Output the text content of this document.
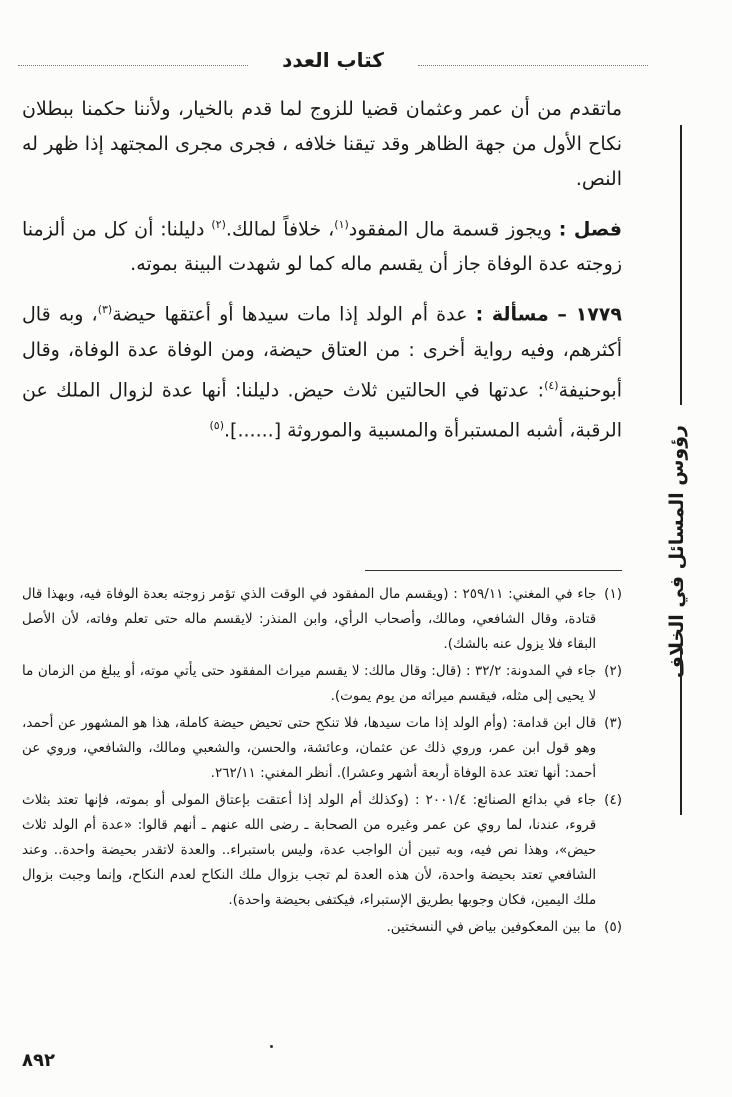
كتاب العدد

ماتقدم من أن عمر وعثمان قضيا للزوج لما قدم بالخيار، ولأننا حكمنا ببطلان نكاح الأول من جهة الظاهر وقد تيقنا خلافه ، فجرى مجرى المجتهد إذا ظهر له النص.

فصل : ويجوز قسمة مال المفقود$^{(١)}$، خلافاً لمالك.$^{(٢)}$ دليلنا: أن كل من ألزمنا زوجته عدة الوفاة جاز أن يقسم ماله كما لو شهدت البينة بموته.

١٧٧٩ – مسألة : عدة أم الولد إذا مات سيدها أو أعتقها حيضة$^{(٣)}$، وبه قال أكثرهم، وفيه رواية أخرى : من العتاق حيضة، ومن الوفاة عدة الوفاة، وقال أبوحنيفة$^{(٤)}$: عدتها في الحالتين ثلاث حيض. دليلنا: أنها عدة لزوال الملك عن الرقبة، أشبه المستبرأة والمسبية والموروثة [......].$^{(٥)}$	رؤوس المسائل في الخلاف
(١)
جاء في المغني: ٢٥٩/١١ : (ويقسم مال المفقود في الوقت الذي تؤمر زوجته بعدة الوفاة فيه، وبهذا قال قتادة، وقال الشافعي، ومالك، وأصحاب الرأي، وابن المنذر: لايقسم ماله حتى تعلم وفاته، لأن الأصل البقاء فلا يزول عنه بالشك).
(٢)
جاء في المدونة: ٣٢/٢ : (قال: وقال مالك: لا يقسم ميراث المفقود حتى يأتي موته، أو يبلغ من الزمان ما لا يحيى إلى مثله، فيقسم ميراثه من يوم يموت).
(٣)
قال ابن قدامة: (وأم الولد إذا مات سيدها، فلا تنكح حتى تحيض حيضة كاملة، هذا هو المشهور عن أحمد، وهو قول ابن عمر، وروي ذلك عن عثمان، وعائشة، والحسن، والشعبي ومالك، والشافعي، وروي عن أحمد: أنها تعتد عدة الوفاة أربعة أشهر وعشرا). أنظر المغني: ٢٦٢/١١.
(٤)
جاء في بدائع الصنائع: ٢٠٠١/٤ : (وكذلك أم الولد إذا أعتقت بإعتاق المولى أو بموته، فإنها تعتد بثلاث قروء، عندنا، لما روي عن عمر وغيره من الصحابة ـ رضى الله عنهم ـ أنهم قالوا: «عدة أم الولد ثلاث حيض»، وهذا نص فيه، وبه تبين أن الواجب عدة، وليس باستبراء.. والعدة لاتقدر بحيضة واحدة.. وعند الشافعي تعتد بحيضة واحدة، لأن هذه العدة لم تجب بزوال ملك النكاح لعدم النكاح، وإنما وجبت بزوال ملك اليمين، فكان وجوبها بطريق الإستبراء، فيكتفى بحيضة واحدة).
(٥)
ما بين المعكوفين بياض في النسختين.
٨٩٢
